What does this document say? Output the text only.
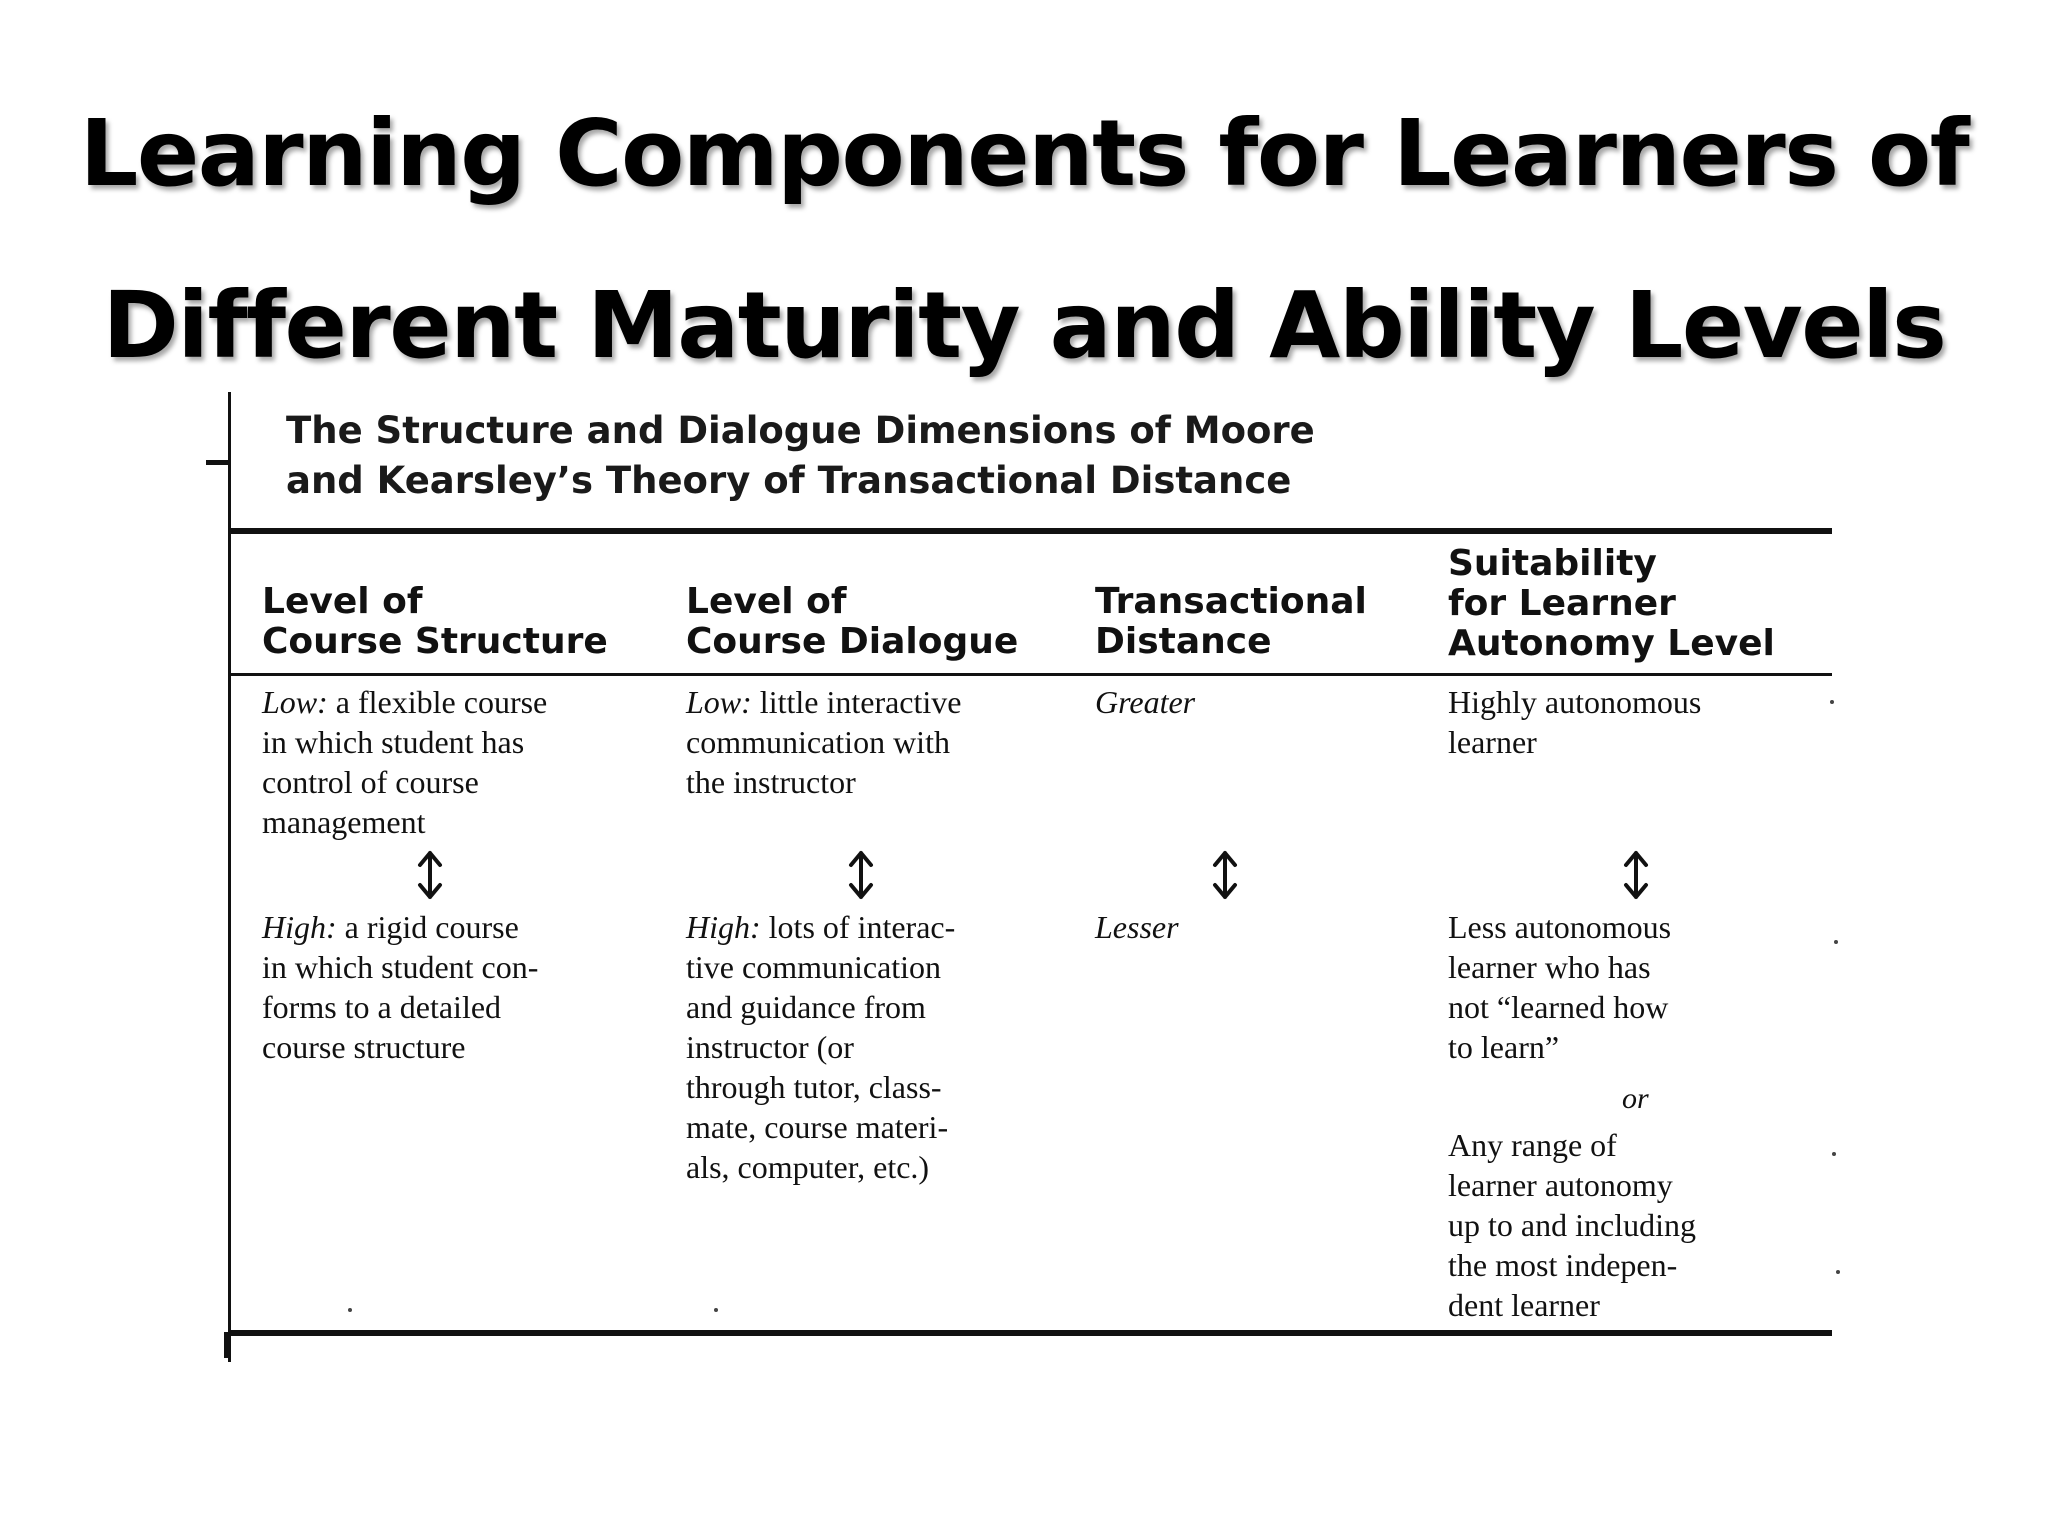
Learning Components for Learners of
Different Maturity and Ability Levels
The Structure and Dialogue Dimensions of Moore
and Kearsley’s Theory of Transactional Distance
Level of
Course Structure
Level of
Course Dialogue
Transactional
Distance
Suitability
for Learner
Autonomy Level
Low: a flexible course
in which student has
control of course
management
Low: little interactive
communication with
the instructor
Greater	Highly autonomous
learner
High: a rigid course
in which student con-
forms to a detailed
course structure
High: lots of interac-
tive communication
and guidance from
instructor (or
through tutor, class-
mate, course materi-
als, computer, etc.)
Lesser	Less autonomous
learner who has
not “learned how
to learn”
or
Any range of
learner autonomy
up to and including
the most indepen-
dent learner
